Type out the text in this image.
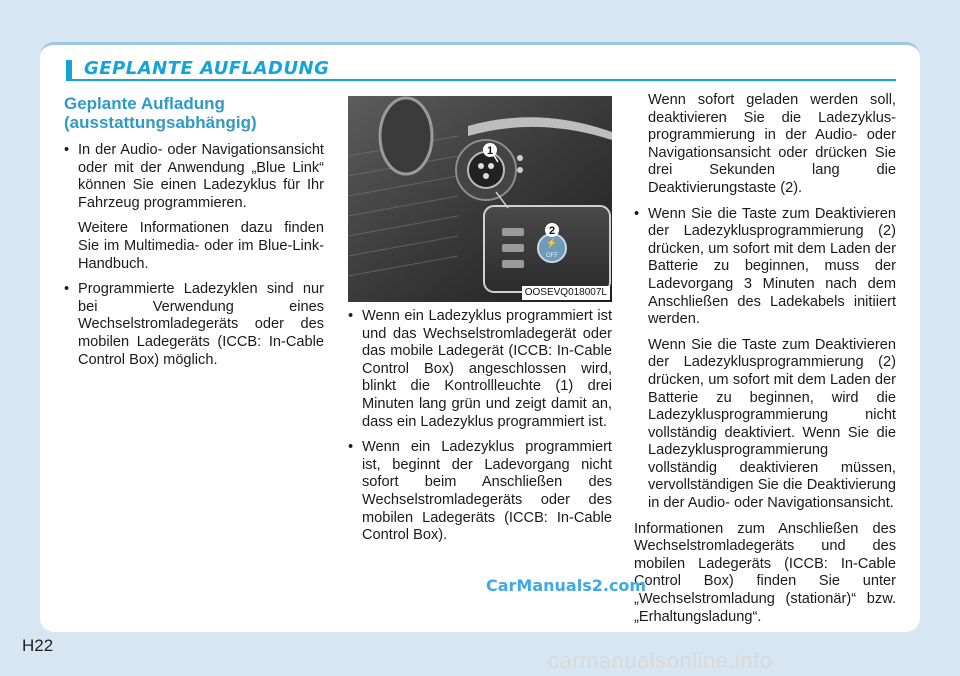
GEPLANTE AUFLADUNG
Geplante Aufladung
(ausstattungsabhängig)
• In der Audio- oder Navigationsansicht oder mit der Anwendung „Blue Link“ können Sie einen Ladezyklus für Ihr Fahrzeug programmieren.
Weitere Informationen dazu finden Sie im Multimedia- oder im Blue-Link- Handbuch.
• Programmierte Ladezyklen sind nur bei Verwendung eines Wechselstromladegeräts oder des mobilen Ladegeräts (ICCB: In-Cable Control Box) möglich.
1
⚡
OFF
2
OOSEVQ018007L
• Wenn ein Ladezyklus programmiert ist und das Wechselstromladegerät oder das mobile Ladegerät (ICCB: In-Cable Control Box) angeschlossen wird, blinkt die Kontrollleuchte (1) drei Minuten lang grün und zeigt damit an, dass ein Ladezyklus programmiert ist.
• Wenn ein Ladezyklus programmiert ist, beginnt der Ladevorgang nicht sofort beim Anschließen des Wechselstromladegeräts oder des mobilen Ladegeräts (ICCB: In-Cable Control Box).
Wenn sofort geladen werden soll, deaktivieren Sie die Ladezyklusprogrammierung in der Audio- oder Navigationsansicht oder drücken Sie drei Sekunden lang die Deaktivierungstaste (2).
• Wenn Sie die Taste zum Deaktivieren der Ladezyklusprogrammierung (2) drücken, um sofort mit dem Laden der Batterie zu beginnen, muss der Ladevorgang 3 Minuten nach dem Anschließen des Ladekabels initiiert werden.
Wenn Sie die Taste zum Deaktivieren der Ladezyklusprogrammierung (2) drücken, um sofort mit dem Laden der Batterie zu beginnen, wird die Ladezyklusprogrammierung nicht vollständig deaktiviert. Wenn Sie die Ladezyklusprogrammierung vollständig deaktivieren müssen, vervollständigen Sie die Deaktivierung in der Audio- oder Navigationsansicht.
Informationen zum Anschließen des Wechselstromladegeräts und des mobilen Ladegeräts (ICCB: In-Cable Control Box) finden Sie unter „Wechselstromladung (stationär)“ bzw. „Erhaltungsladung“.
CarManuals2.com
H22
carmanualsonline.info
